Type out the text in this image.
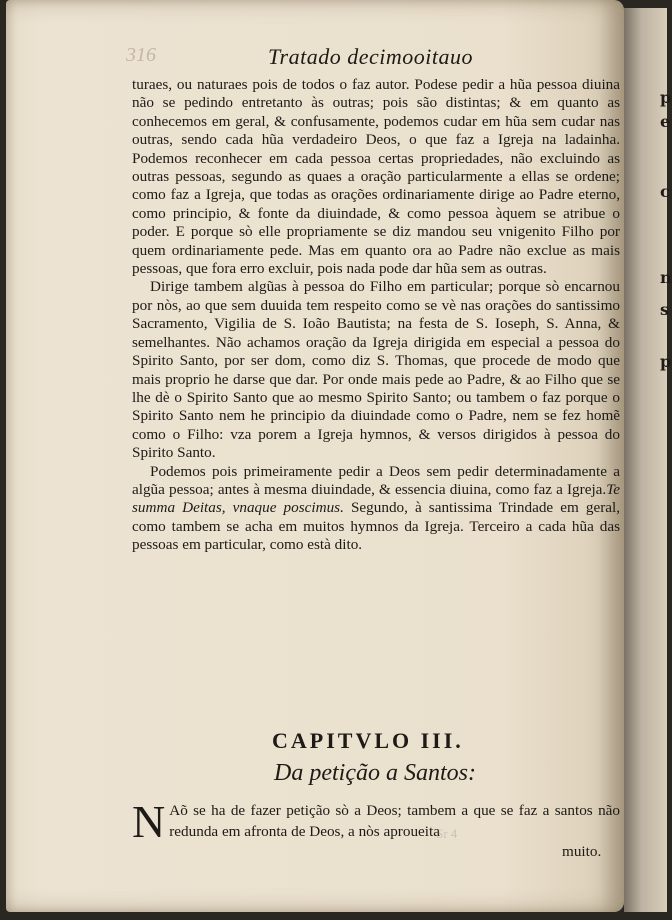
316	Tratado decimooitauo

turaes, ou naturaes pois de todos o faz autor. Podese pedir a hũa pessoa diuina não se pedindo entretanto às outras; pois são distintas; & em quanto as conhecemos em geral, & confusamente, podemos cudar em hũa sem cudar nas outras, sendo cada hũa verdadeiro Deos, o que faz a Igreja na ladainha. Podemos reconhecer em cada pessoa certas propriedades, não excluindo as outras pessoas, segundo as quaes a oração particularmente a ellas se ordene; como faz a Igreja, que todas as orações ordinariamente dirige ao Padre eterno, como principio, & fonte da diuindade, & como pessoa àquem se atribue o poder. E porque sò elle propriamente se diz mandou seu vnigenito Filho por quem ordinariamente pede. Mas em quanto ora ao Padre não exclue as mais pessoas, que fora erro excluir, pois nada pode dar hũa sem as outras.

Dirige tambem algũas à pessoa do Filho em particular; porque sò encarnou por nòs, ao que sem duuida tem respeito como se vè nas orações do santissimo Sacramento, Vigilia de S. Ioão Bautista; na festa de S. Ioseph, S. Anna, & semelhantes. Não achamos oração da Igreja dirigida em especial a pessoa do Spirito Santo, por ser dom, como diz S. Thomas, que procede de modo que mais proprio he darse que dar. Por onde mais pede ao Padre, & ao Filho que se lhe dè o Spirito Santo que ao mesmo Spirito Santo; ou tambem o faz porque o Spirito Santo nem he principio da diuindade como o Padre, nem se fez homẽ como o Filho: vza porem a Igreja hymnos, & versos dirigidos à pessoa do Spirito Santo.

Podemos pois primeiramente pedir a Deos sem pedir determinadamente a algũa pessoa; antes à mesma diuindade, & essencia diuina, como faz a Igreja.Te summa Deitas, vnaque poscimus. Segundo, à santissima Trindade em geral, como tambem se acha em muitos hymnos da Igreja. Terceiro a cada hũa das pessoas em particular, como està dito.

CAPITVLO III.
Da petição a Santos:
N Aõ se ha de fazer petição sò a Deos; tambem a que se faz a santos não redunda em afronta de Deos, a nòs aproueita
muito.
Sr 4
p
e
c
n
s
p
